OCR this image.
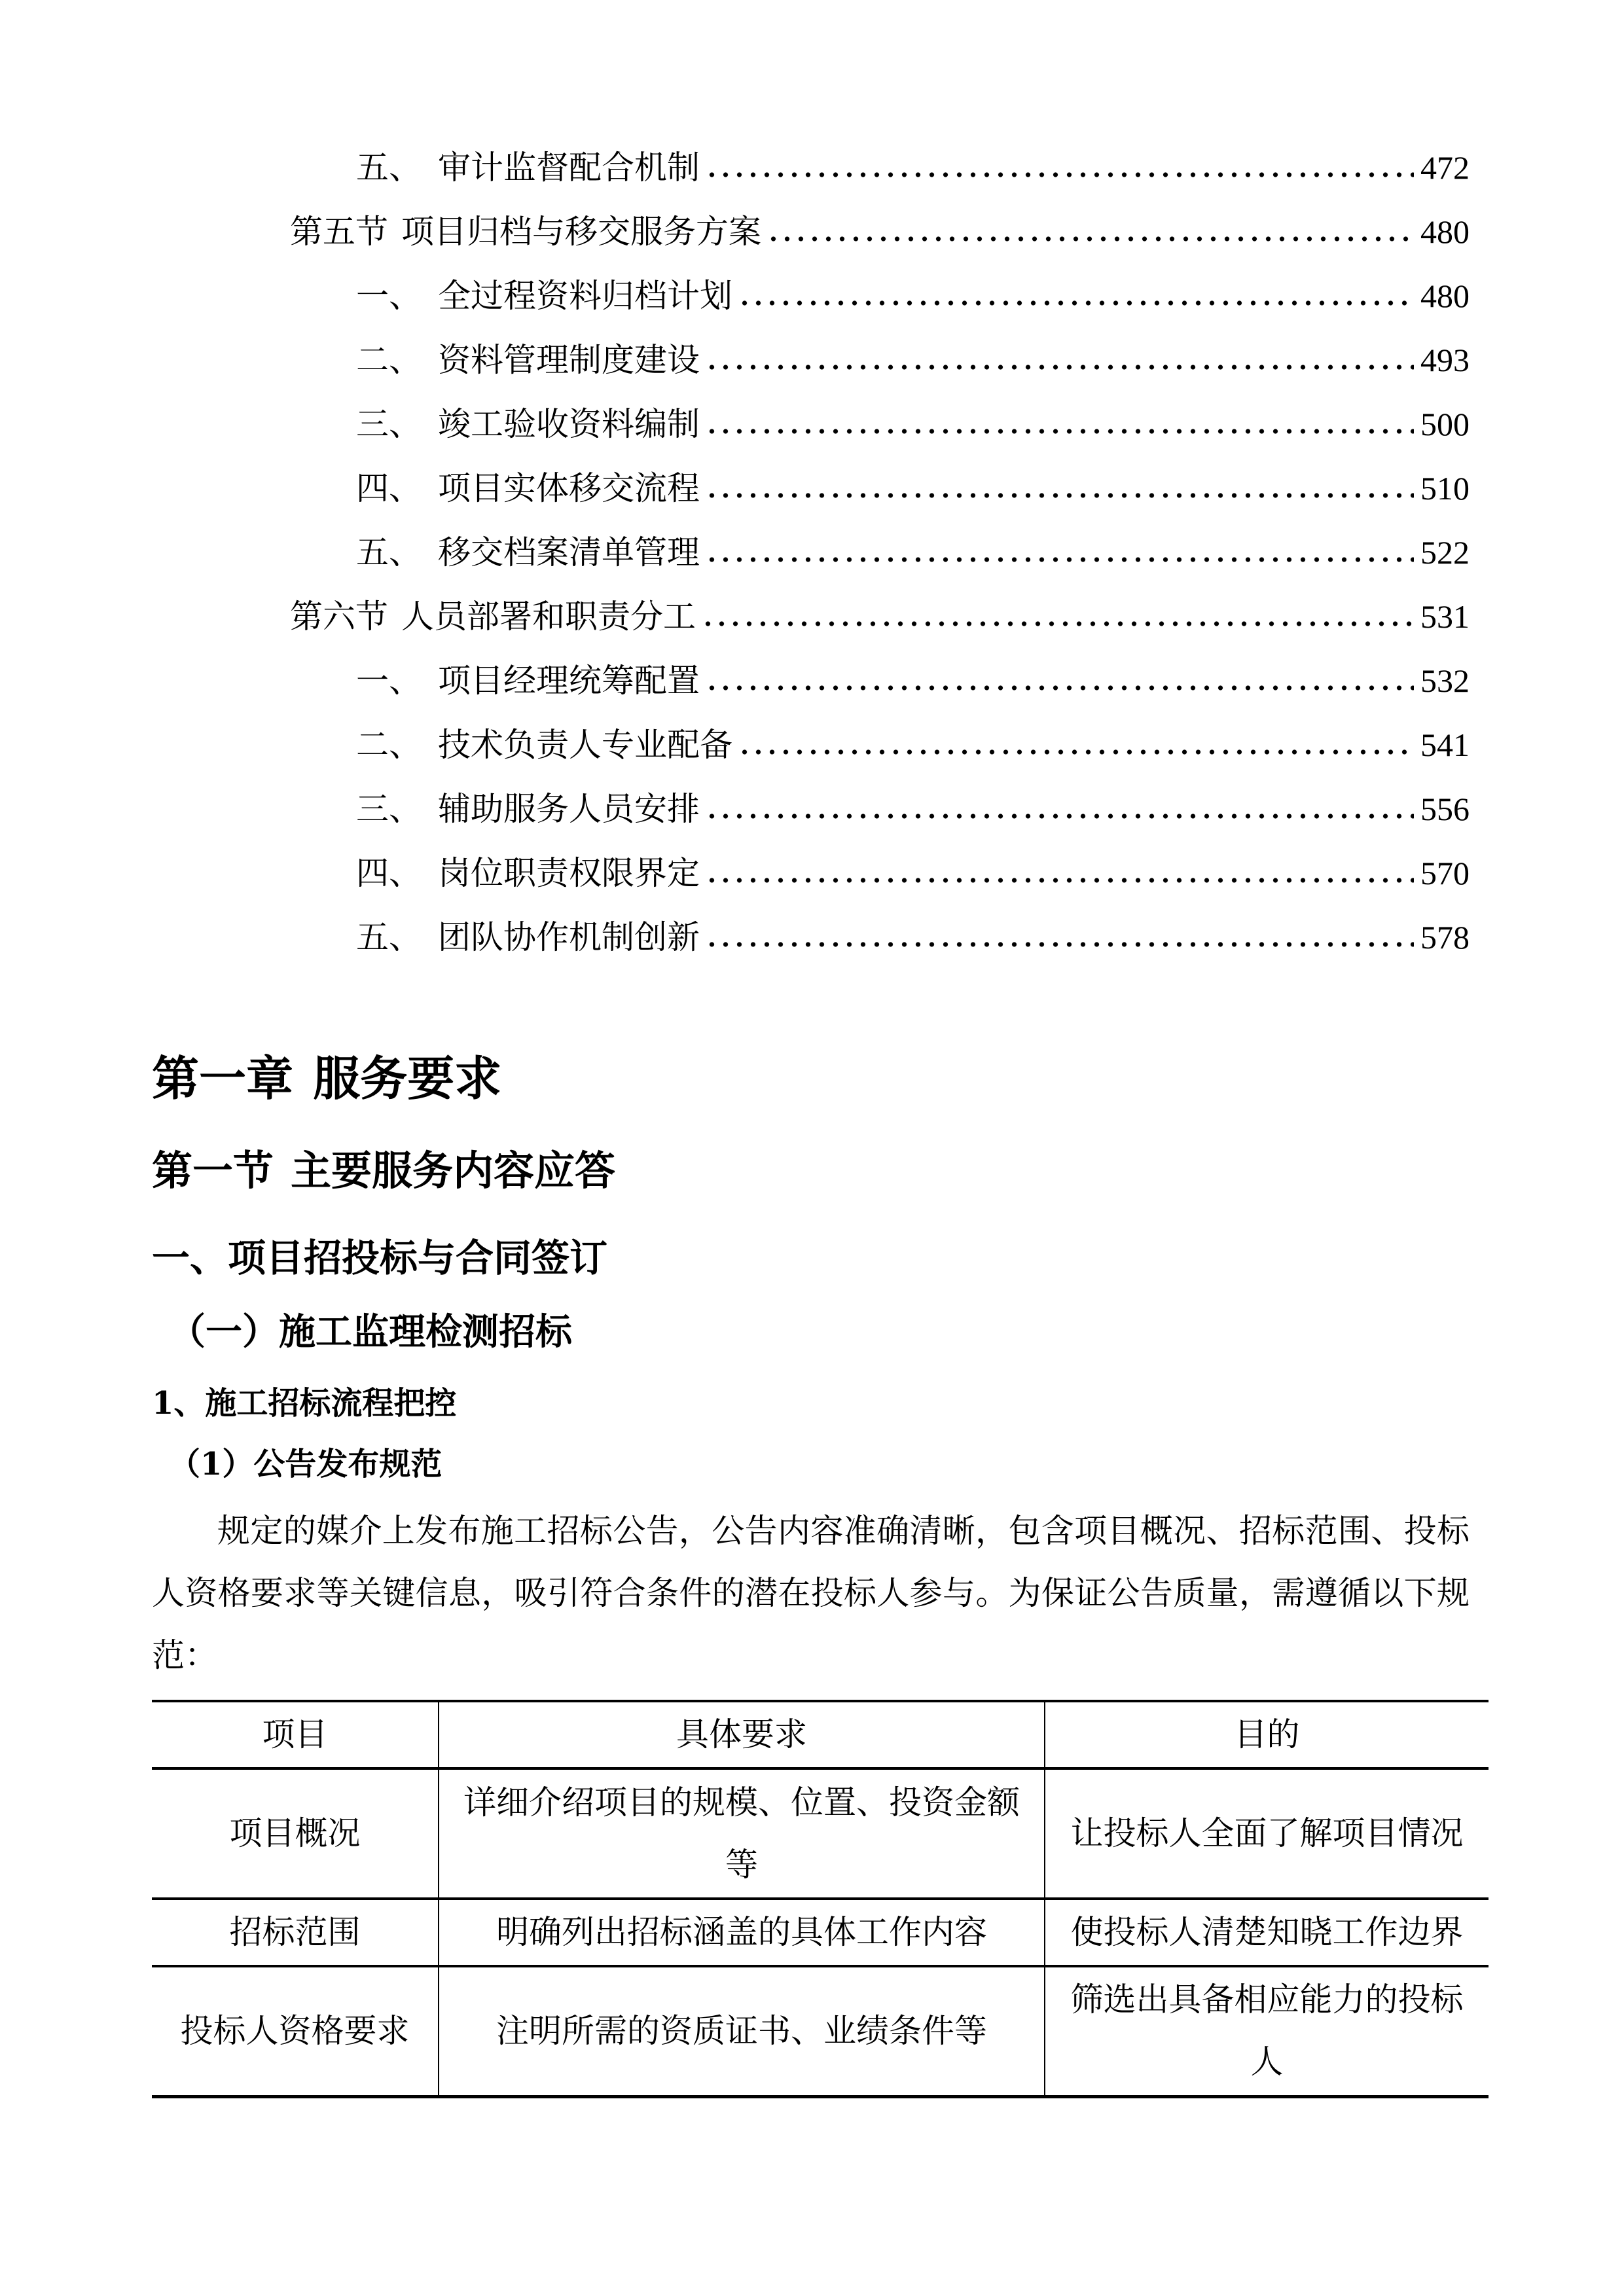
五、 审计监督配合机制	472
第五节 项目归档与移交服务方案	480
一、 全过程资料归档计划	480
二、 资料管理制度建设	493
三、 竣工验收资料编制	500
四、 项目实体移交流程	510
五、 移交档案清单管理	522
第六节 人员部署和职责分工	531
一、 项目经理统筹配置	532
二、 技术负责人专业配备	541
三、 辅助服务人员安排	556
四、 岗位职责权限界定	570
五、 团队协作机制创新	578
第一章 服务要求
第一节 主要服务内容应答
一、项目招投标与合同签订
（一）施工监理检测招标
1、施工招标流程把控
（1）公告发布规范

规定的媒介上发布施工招标公告，公告内容准确清晰，包含项目概况、招标范围、投标人资格要求等关键信息，吸引符合条件的潜在投标人参与。为保证公告质量，需遵循以下规范：

项目	具体要求	目的
项目概况	详细介绍项目的规模、位置、投资金额等	让投标人全面了解项目情况
招标范围	明确列出招标涵盖的具体工作内容	使投标人清楚知晓工作边界
投标人资格要求	注明所需的资质证书、业绩条件等	筛选出具备相应能力的投标人
